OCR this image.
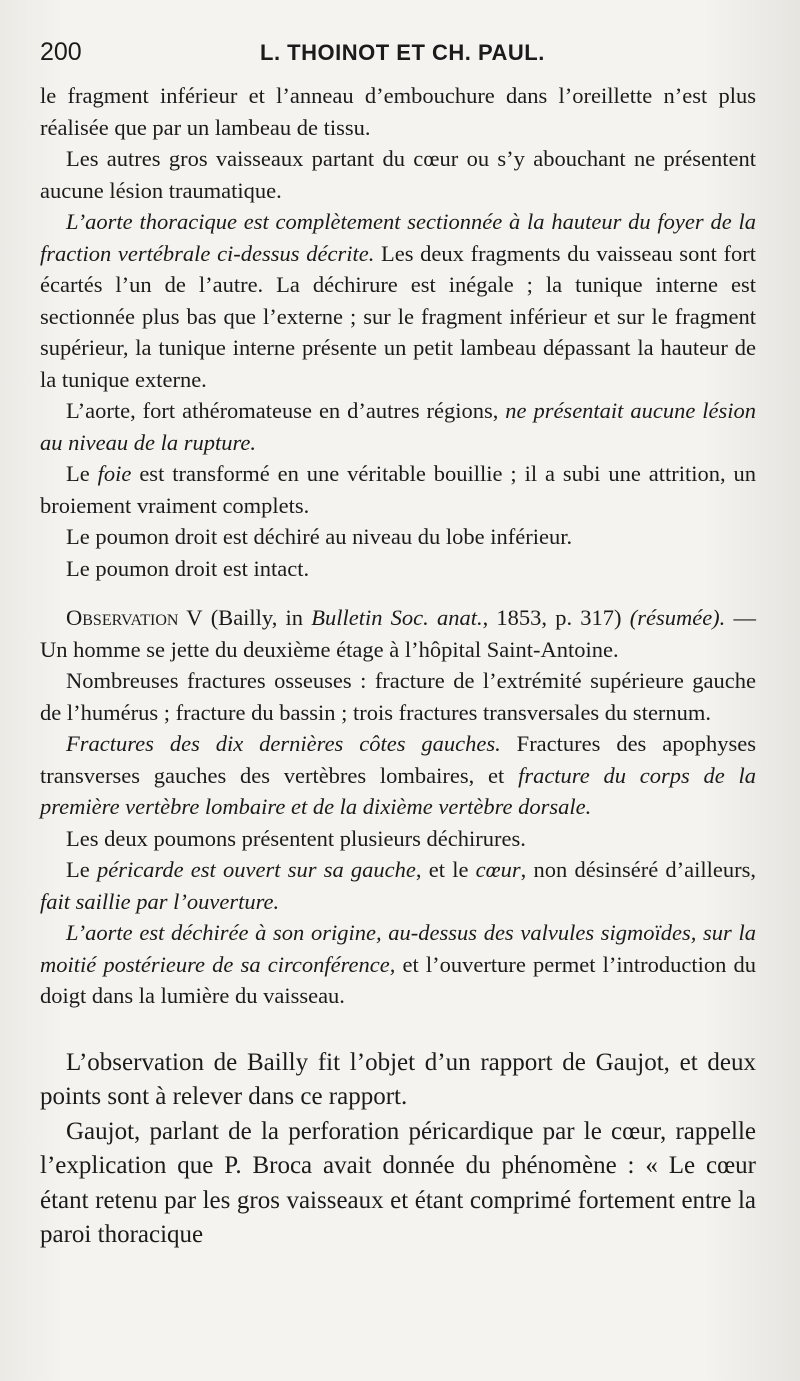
200	L. THOINOT ET CH. PAUL.

le fragment inférieur et l’anneau d’embouchure dans l’oreillette n’est plus réalisée que par un lambeau de tissu.

Les autres gros vaisseaux partant du cœur ou s’y abouchant ne présentent aucune lésion traumatique.

L’aorte thoracique est complètement sectionnée à la hauteur du foyer de la fraction vertébrale ci-dessus décrite. Les deux fragments du vaisseau sont fort écartés l’un de l’autre. La déchirure est inégale ; la tunique interne est sectionnée plus bas que l’externe ; sur le fragment inférieur et sur le fragment supérieur, la tunique interne présente un petit lambeau dépassant la hauteur de la tunique externe.

L’aorte, fort athéromateuse en d’autres régions, ne présentait aucune lésion au niveau de la rupture.

Le foie est transformé en une véritable bouillie ; il a subi une attrition, un broiement vraiment complets.

Le poumon droit est déchiré au niveau du lobe inférieur.

Le poumon droit est intact.

Observation V (Bailly, in Bulletin Soc. anat., 1853, p. 317) (résumée). — Un homme se jette du deuxième étage à l’hôpital Saint-Antoine.

Nombreuses fractures osseuses : fracture de l’extrémité supérieure gauche de l’humérus ; fracture du bassin ; trois fractures transversales du sternum.

Fractures des dix dernières côtes gauches. Fractures des apophyses transverses gauches des vertèbres lombaires, et fracture du corps de la première vertèbre lombaire et de la dixième vertèbre dorsale.

Les deux poumons présentent plusieurs déchirures.

Le péricarde est ouvert sur sa gauche, et le cœur, non désinséré d’ailleurs, fait saillie par l’ouverture.

L’aorte est déchirée à son origine, au-dessus des valvules sigmoïdes, sur la moitié postérieure de sa circonférence, et l’ouverture permet l’introduction du doigt dans la lumière du vaisseau.

L’observation de Bailly fit l’objet d’un rapport de Gaujot, et deux points sont à relever dans ce rapport.

Gaujot, parlant de la perforation péricardique par le cœur, rappelle l’explication que P. Broca avait donnée du phénomène : « Le cœur étant retenu par les gros vaisseaux et étant comprimé fortement entre la paroi thoracique
